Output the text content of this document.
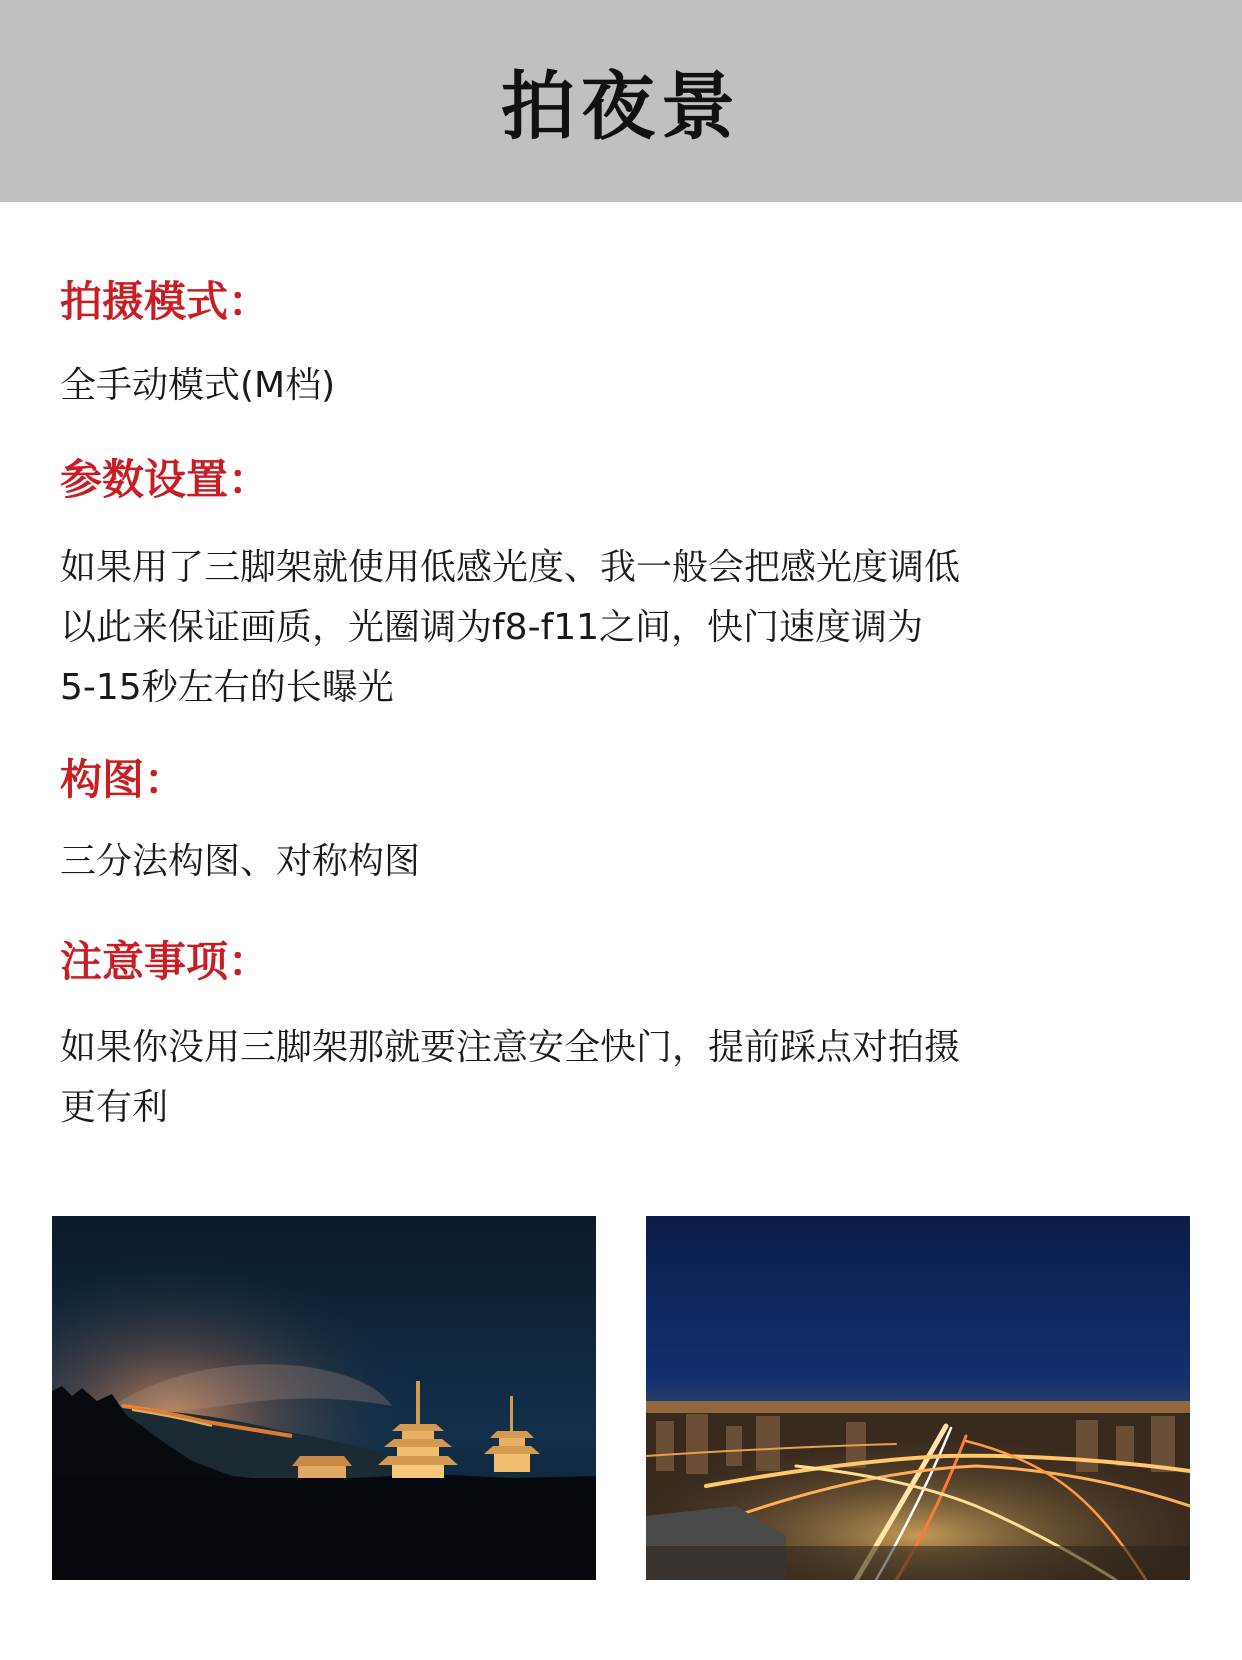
拍夜景
拍摄模式：
全手动模式(M档)
参数设置：
如果用了三脚架就使用低感光度、我一般会把感光度调低
以此来保证画质，光圈调为f8-f11之间，快门速度调为
5-15秒左右的长曝光
构图：
三分法构图、对称构图
注意事项：
如果你没用三脚架那就要注意安全快门，提前踩点对拍摄
更有利
